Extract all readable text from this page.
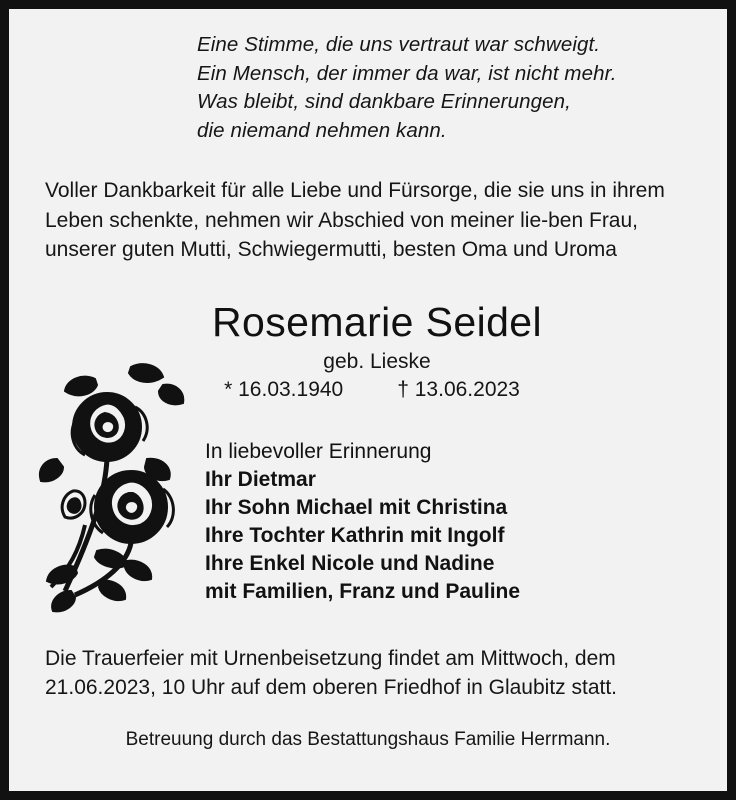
Eine Stimme, die uns vertraut war schweigt.
Ein Mensch, der immer da war, ist nicht mehr.
Was bleibt, sind dankbare Erinnerungen,
die niemand nehmen kann.
Voller Dankbarkeit für alle Liebe und Fürsorge, die sie uns in ihrem Leben schenkte, nehmen wir Abschied von meiner lie-ben Frau, unserer guten Mutti, Schwiegermutti, besten Oma und Uroma
Rosemarie Seidel
geb. Lieske
* 16.03.1940	† 13.06.2023
In liebevoller Erinnerung
Ihr Dietmar
Ihr Sohn Michael mit Christina
Ihre Tochter Kathrin mit Ingolf
Ihre Enkel Nicole und Nadine
mit Familien, Franz und Pauline
Die Trauerfeier mit Urnenbeisetzung findet am Mittwoch, dem 21.06.2023, 10 Uhr auf dem oberen Friedhof in Glaubitz statt.
Betreuung durch das Bestattungshaus Familie Herrmann.
